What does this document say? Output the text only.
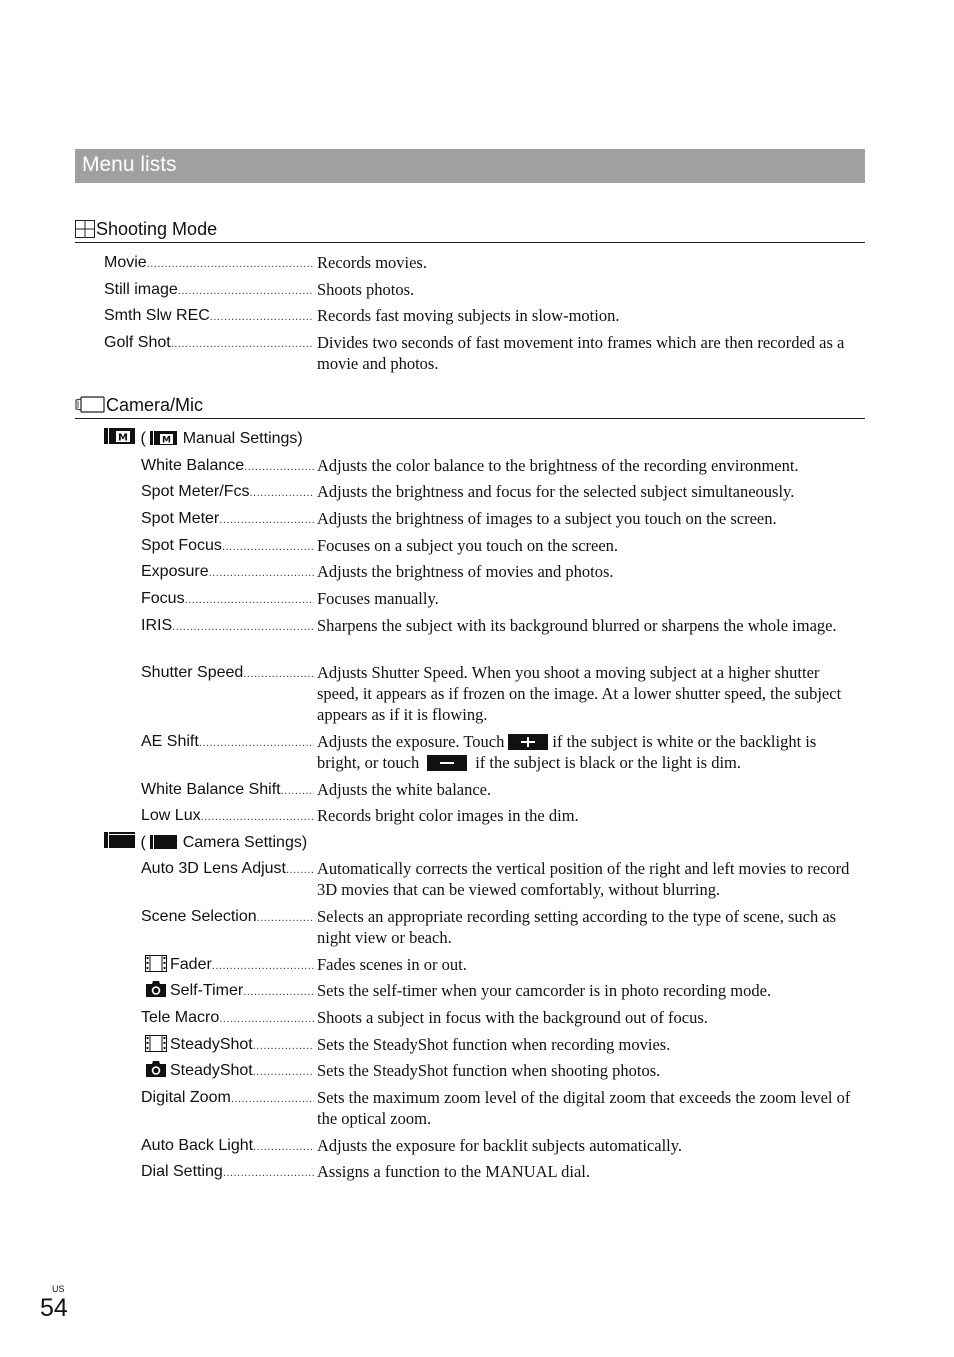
Menu lists
Shooting Mode
Movie .....	Records movies.
Still image .....	Shoots photos.
Smth Slw REC .....	Records fast moving subjects in slow-motion.
Golf Shot .....	Divides two seconds of fast movement into frames which are then recorded as a movie and photos.
Camera/Mic
M ( M Manual Settings)
White Balance .....	Adjusts the color balance to the brightness of the recording environment.
Spot Meter/Fcs .....	Adjusts the brightness and focus for the selected subject simultaneously.
Spot Meter .....	Adjusts the brightness of images to a subject you touch on the screen.
Spot Focus .....	Focuses on a subject you touch on the screen.
Exposure .....	Adjusts the brightness of movies and photos.
Focus .....	Focuses manually.
IRIS .....	Sharpens the subject with its background blurred or sharpens the whole image.
Shutter Speed .....	Adjusts Shutter Speed. When you shoot a moving subject at a higher shutter speed, it appears as if frozen on the image. At a lower shutter speed, the subject appears as if it is flowing.
AE Shift .....	Adjusts the exposure. Touch	if the subject is white or the backlight is bright, or touch	if the subject is black or the light is dim.
White Balance Shift .....	Adjusts the white balance.
Low Lux .....	Records bright color images in the dim.
( Camera Settings)
Auto 3D Lens Adjust .....	Automatically corrects the vertical position of the right and left movies to record 3D movies that can be viewed comfortably, without blurring.
Scene Selection .....	Selects an appropriate recording setting according to the type of scene, such as night view or beach.
Fader .....	Fades scenes in or out.
Self-Timer .....	Sets the self-timer when your camcorder is in photo recording mode.
Tele Macro .....	Shoots a subject in focus with the background out of focus.
SteadyShot .....	Sets the SteadyShot function when recording movies.
SteadyShot .....	Sets the SteadyShot function when shooting photos.
Digital Zoom .....	Sets the maximum zoom level of the digital zoom that exceeds the zoom level of the optical zoom.
Auto Back Light .....	Adjusts the exposure for backlit subjects automatically.
Dial Setting .....	Assigns a function to the MANUAL dial.
US
54
